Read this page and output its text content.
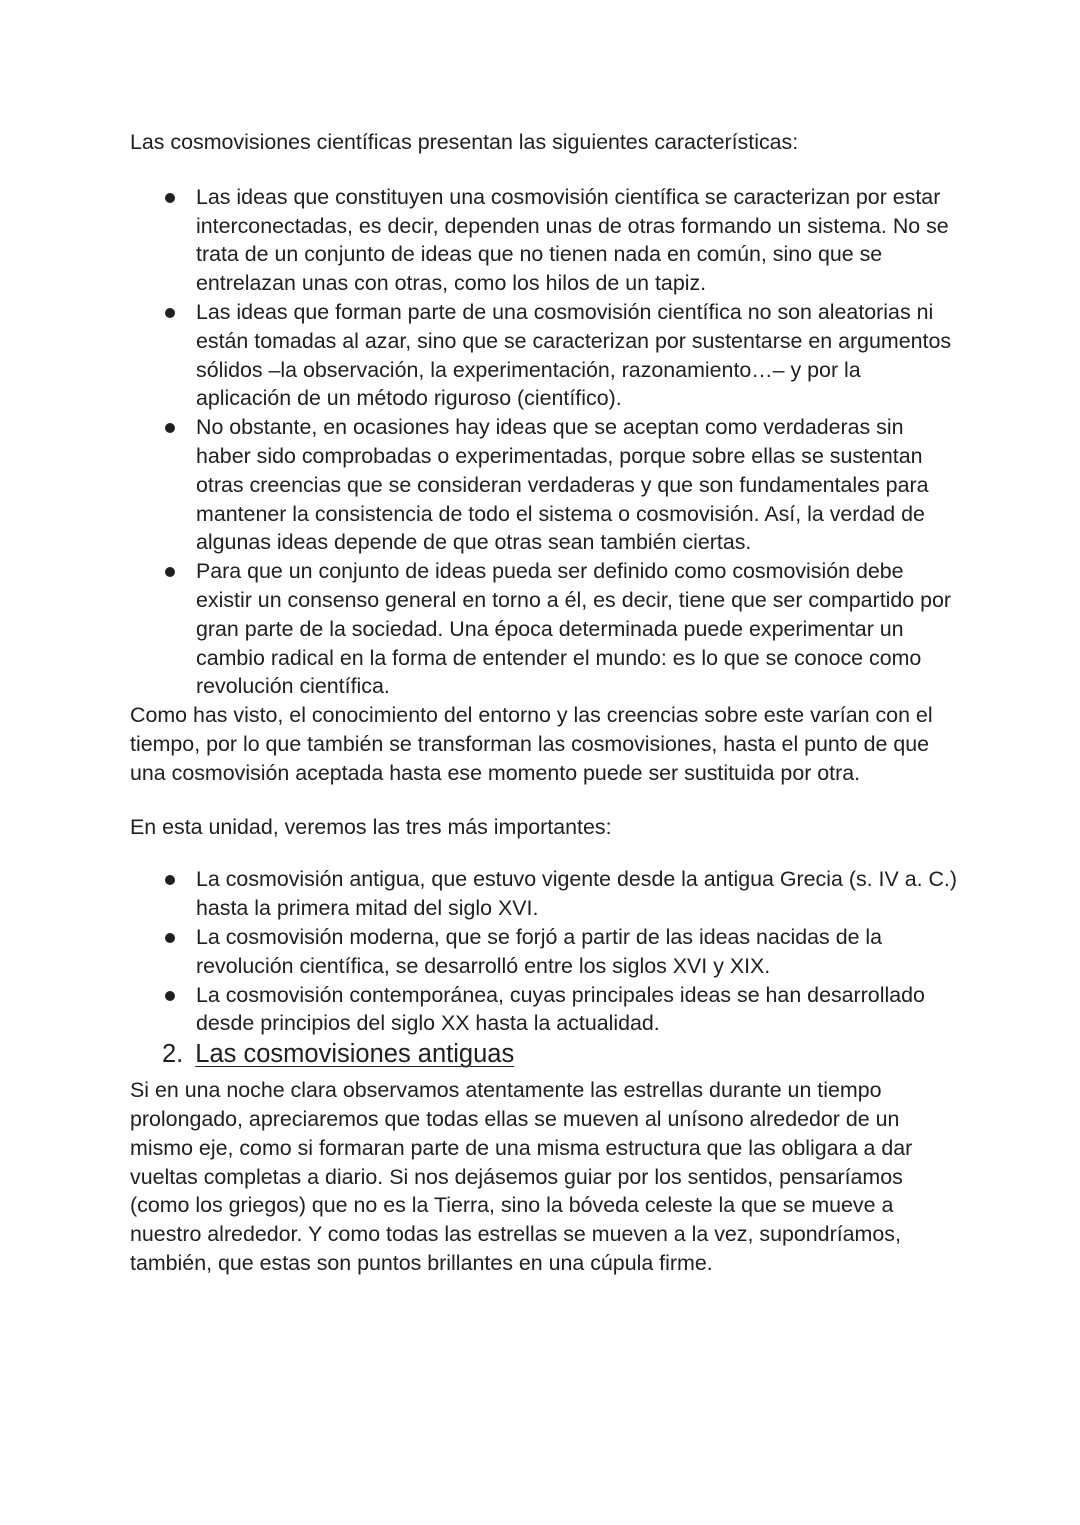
Las cosmovisiones científicas presentan las siguientes características:

Las ideas que constituyen una cosmovisión científica se caracterizan por estar interconectadas, es decir, dependen unas de otras formando un sistema. No se trata de un conjunto de ideas que no tienen nada en común, sino que se entrelazan unas con otras, como los hilos de un tapiz.
Las ideas que forman parte de una cosmovisión científica no son aleatorias ni están tomadas al azar, sino que se caracterizan por sustentarse en argumentos sólidos –la observación, la experimentación, razonamiento…– y por la aplicación de un método riguroso (científico).
No obstante, en ocasiones hay ideas que se aceptan como verdaderas sin haber sido comprobadas o experimentadas, porque sobre ellas se sustentan otras creencias que se consideran verdaderas y que son fundamentales para mantener la consistencia de todo el sistema o cosmovisión. Así, la verdad de algunas ideas depende de que otras sean también ciertas.
Para que un conjunto de ideas pueda ser definido como cosmovisión debe existir un consenso general en torno a él, es decir, tiene que ser compartido por gran parte de la sociedad. Una época determinada puede experimentar un cambio radical en la forma de entender el mundo: es lo que se conoce como revolución científica.

Como has visto, el conocimiento del entorno y las creencias sobre este varían con el tiempo, por lo que también se transforman las cosmovisiones, hasta el punto de que una cosmovisión aceptada hasta ese momento puede ser sustituida por otra.

En esta unidad, veremos las tres más importantes:

La cosmovisión antigua, que estuvo vigente desde la antigua Grecia (s. IV a. C.) hasta la primera mitad del siglo XVI.
La cosmovisión moderna, que se forjó a partir de las ideas nacidas de la revolución científica, se desarrolló entre los siglos XVI y XIX.
La cosmovisión contemporánea, cuyas principales ideas se han desarrollado desde principios del siglo XX hasta la actualidad.
2. Las cosmovisiones antiguas

Si en una noche clara observamos atentamente las estrellas durante un tiempo prolongado, apreciaremos que todas ellas se mueven al unísono alrededor de un mismo eje, como si formaran parte de una misma estructura que las obligara a dar vueltas completas a diario. Si nos dejásemos guiar por los sentidos, pensaríamos (como los griegos) que no es la Tierra, sino la bóveda celeste la que se mueve a nuestro alrededor. Y como todas las estrellas se mueven a la vez, supondríamos, también, que estas son puntos brillantes en una cúpula firme.
